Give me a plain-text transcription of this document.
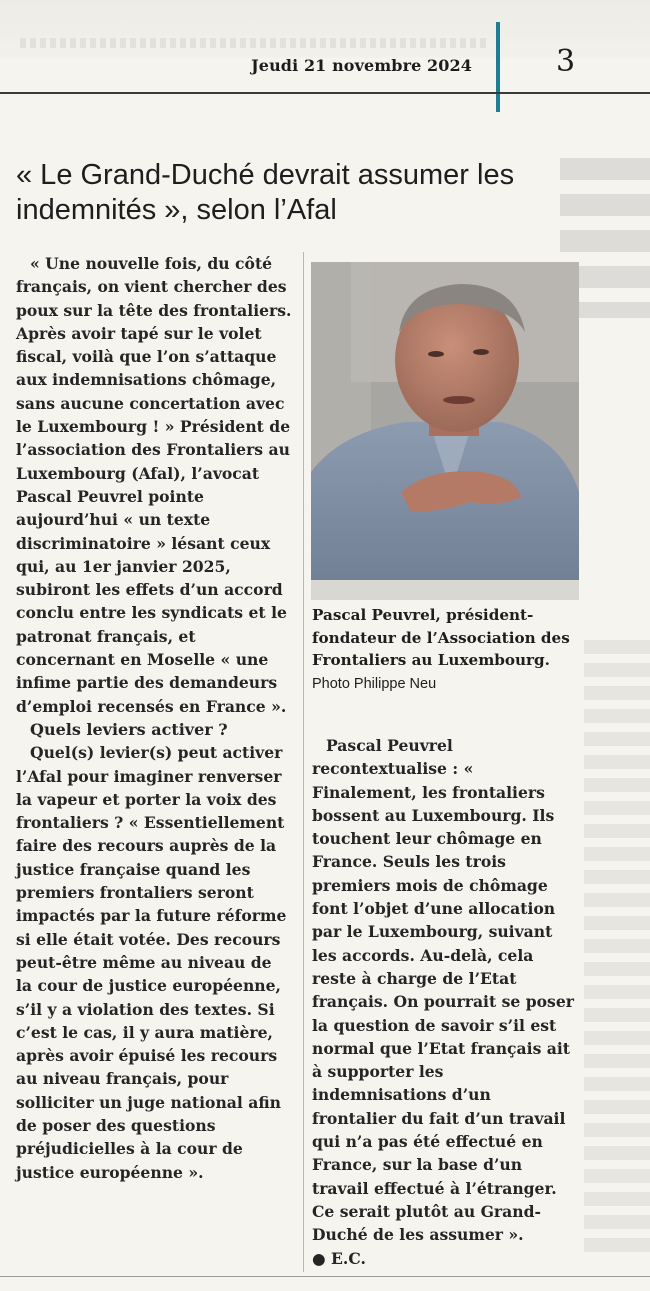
Jeudi 21 novembre 2024	3
« Le Grand-Duché devrait assumer les indemnités », selon l’Afal

« Une nouvelle fois, du côté français, on vient chercher des poux sur la tête des frontaliers. Après avoir tapé sur le volet fiscal, voilà que l’on s’attaque aux indemnisations chômage, sans aucune concertation avec le Luxembourg ! » Président de l’association des Frontaliers au Luxembourg (Afal), l’avocat Pascal Peuvrel pointe aujourd’hui « un texte discriminatoire » lésant ceux qui, au 1er janvier 2025, subiront les effets d’un accord conclu entre les syndicats et le patronat français, et concernant en Moselle « une infime partie des demandeurs d’emploi recensés en France ».

Quels leviers activer ?

Quel(s) levier(s) peut activer l’Afal pour imaginer renverser la vapeur et porter la voix des frontaliers ? « Essentiellement faire des recours auprès de la justice française quand les premiers frontaliers seront impactés par la future réforme si elle était votée. Des recours peut-être même au niveau de la cour de justice européenne, s’il y a violation des textes. Si c’est le cas, il y aura matière, après avoir épuisé les recours au niveau français, pour solliciter un juge national afin de poser des questions préjudicielles à la cour de justice européenne ».

Pascal Peuvrel, président-fondateur de l’Association des Frontaliers au Luxembourg. Photo Philippe Neu

Pascal Peuvrel recontextualise : « Finalement, les frontaliers bossent au Luxembourg. Ils touchent leur chômage en France. Seuls les trois premiers mois de chômage font l’objet d’une allocation par le Luxembourg, suivant les accords. Au-delà, cela reste à charge de l’Etat français. On pourrait se poser la question de savoir s’il est normal que l’Etat français ait à supporter les indemnisations d’un frontalier du fait d’un travail qui n’a pas été effectué en France, sur la base d’un travail effectué à l’étranger. Ce serait plutôt au Grand-Duché de les assumer ».

● E.C.
